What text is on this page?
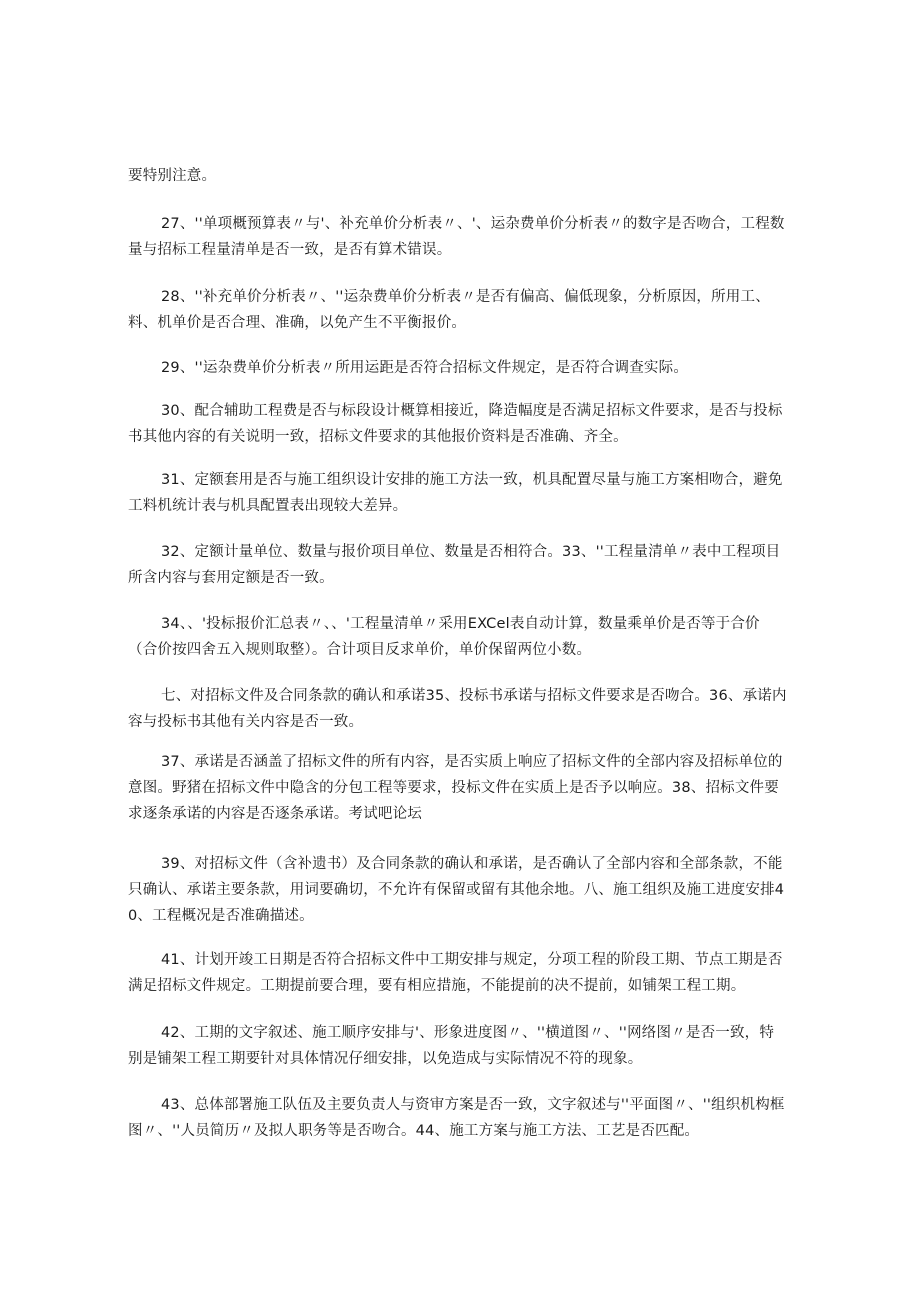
要特别注意。

27、''单项概预算表〃与'、补充单价分析表〃、'、运杂费单价分析表〃的数字是否吻合，工程数量与招标工程量清单是否一致，是否有算术错误。

28、''补充单价分析表〃、''运杂费单价分析表〃是否有偏高、偏低现象，分析原因，所用工、料、机单价是否合理、准确，以免产生不平衡报价。

29、''运杂费单价分析表〃所用运距是否符合招标文件规定，是否符合调查实际。

30、配合辅助工程费是否与标段设计概算相接近，降造幅度是否满足招标文件要求，是否与投标书其他内容的有关说明一致，招标文件要求的其他报价资料是否准确、齐全。

31、定额套用是否与施工组织设计安排的施工方法一致，机具配置尽量与施工方案相吻合，避免工料机统计表与机具配置表出现较大差异。

32、定额计量单位、数量与报价项目单位、数量是否相符合。33、''工程量清单〃表中工程项目所含内容与套用定额是否一致。

34、、'投标报价汇总表〃、、'工程量清单〃采用EXCel表自动计算，数量乘单价是否等于合价（合价按四舍五入规则取整）。合计项目反求单价，单价保留两位小数。

七、对招标文件及合同条款的确认和承诺35、投标书承诺与招标文件要求是否吻合。36、承诺内容与投标书其他有关内容是否一致。

37、承诺是否涵盖了招标文件的所有内容，是否实质上响应了招标文件的全部内容及招标单位的意图。野猪在招标文件中隐含的分包工程等要求，投标文件在实质上是否予以响应。38、招标文件要求逐条承诺的内容是否逐条承诺。考试吧论坛

39、对招标文件（含补遗书）及合同条款的确认和承诺，是否确认了全部内容和全部条款，不能只确认、承诺主要条款，用词要确切，不允许有保留或留有其他余地。八、施工组织及施工进度安排40、工程概况是否准确描述。

41、计划开竣工日期是否符合招标文件中工期安排与规定，分项工程的阶段工期、节点工期是否满足招标文件规定。工期提前要合理，要有相应措施，不能提前的决不提前，如铺架工程工期。

42、工期的文字叙述、施工顺序安排与'、形象进度图〃、''横道图〃、''网络图〃是否一致，特别是铺架工程工期要针对具体情况仔细安排，以免造成与实际情况不符的现象。

43、总体部署施工队伍及主要负责人与资审方案是否一致，文字叙述与''平面图〃、''组织机构框图〃、''人员简历〃及拟人职务等是否吻合。44、施工方案与施工方法、工艺是否匹配。
